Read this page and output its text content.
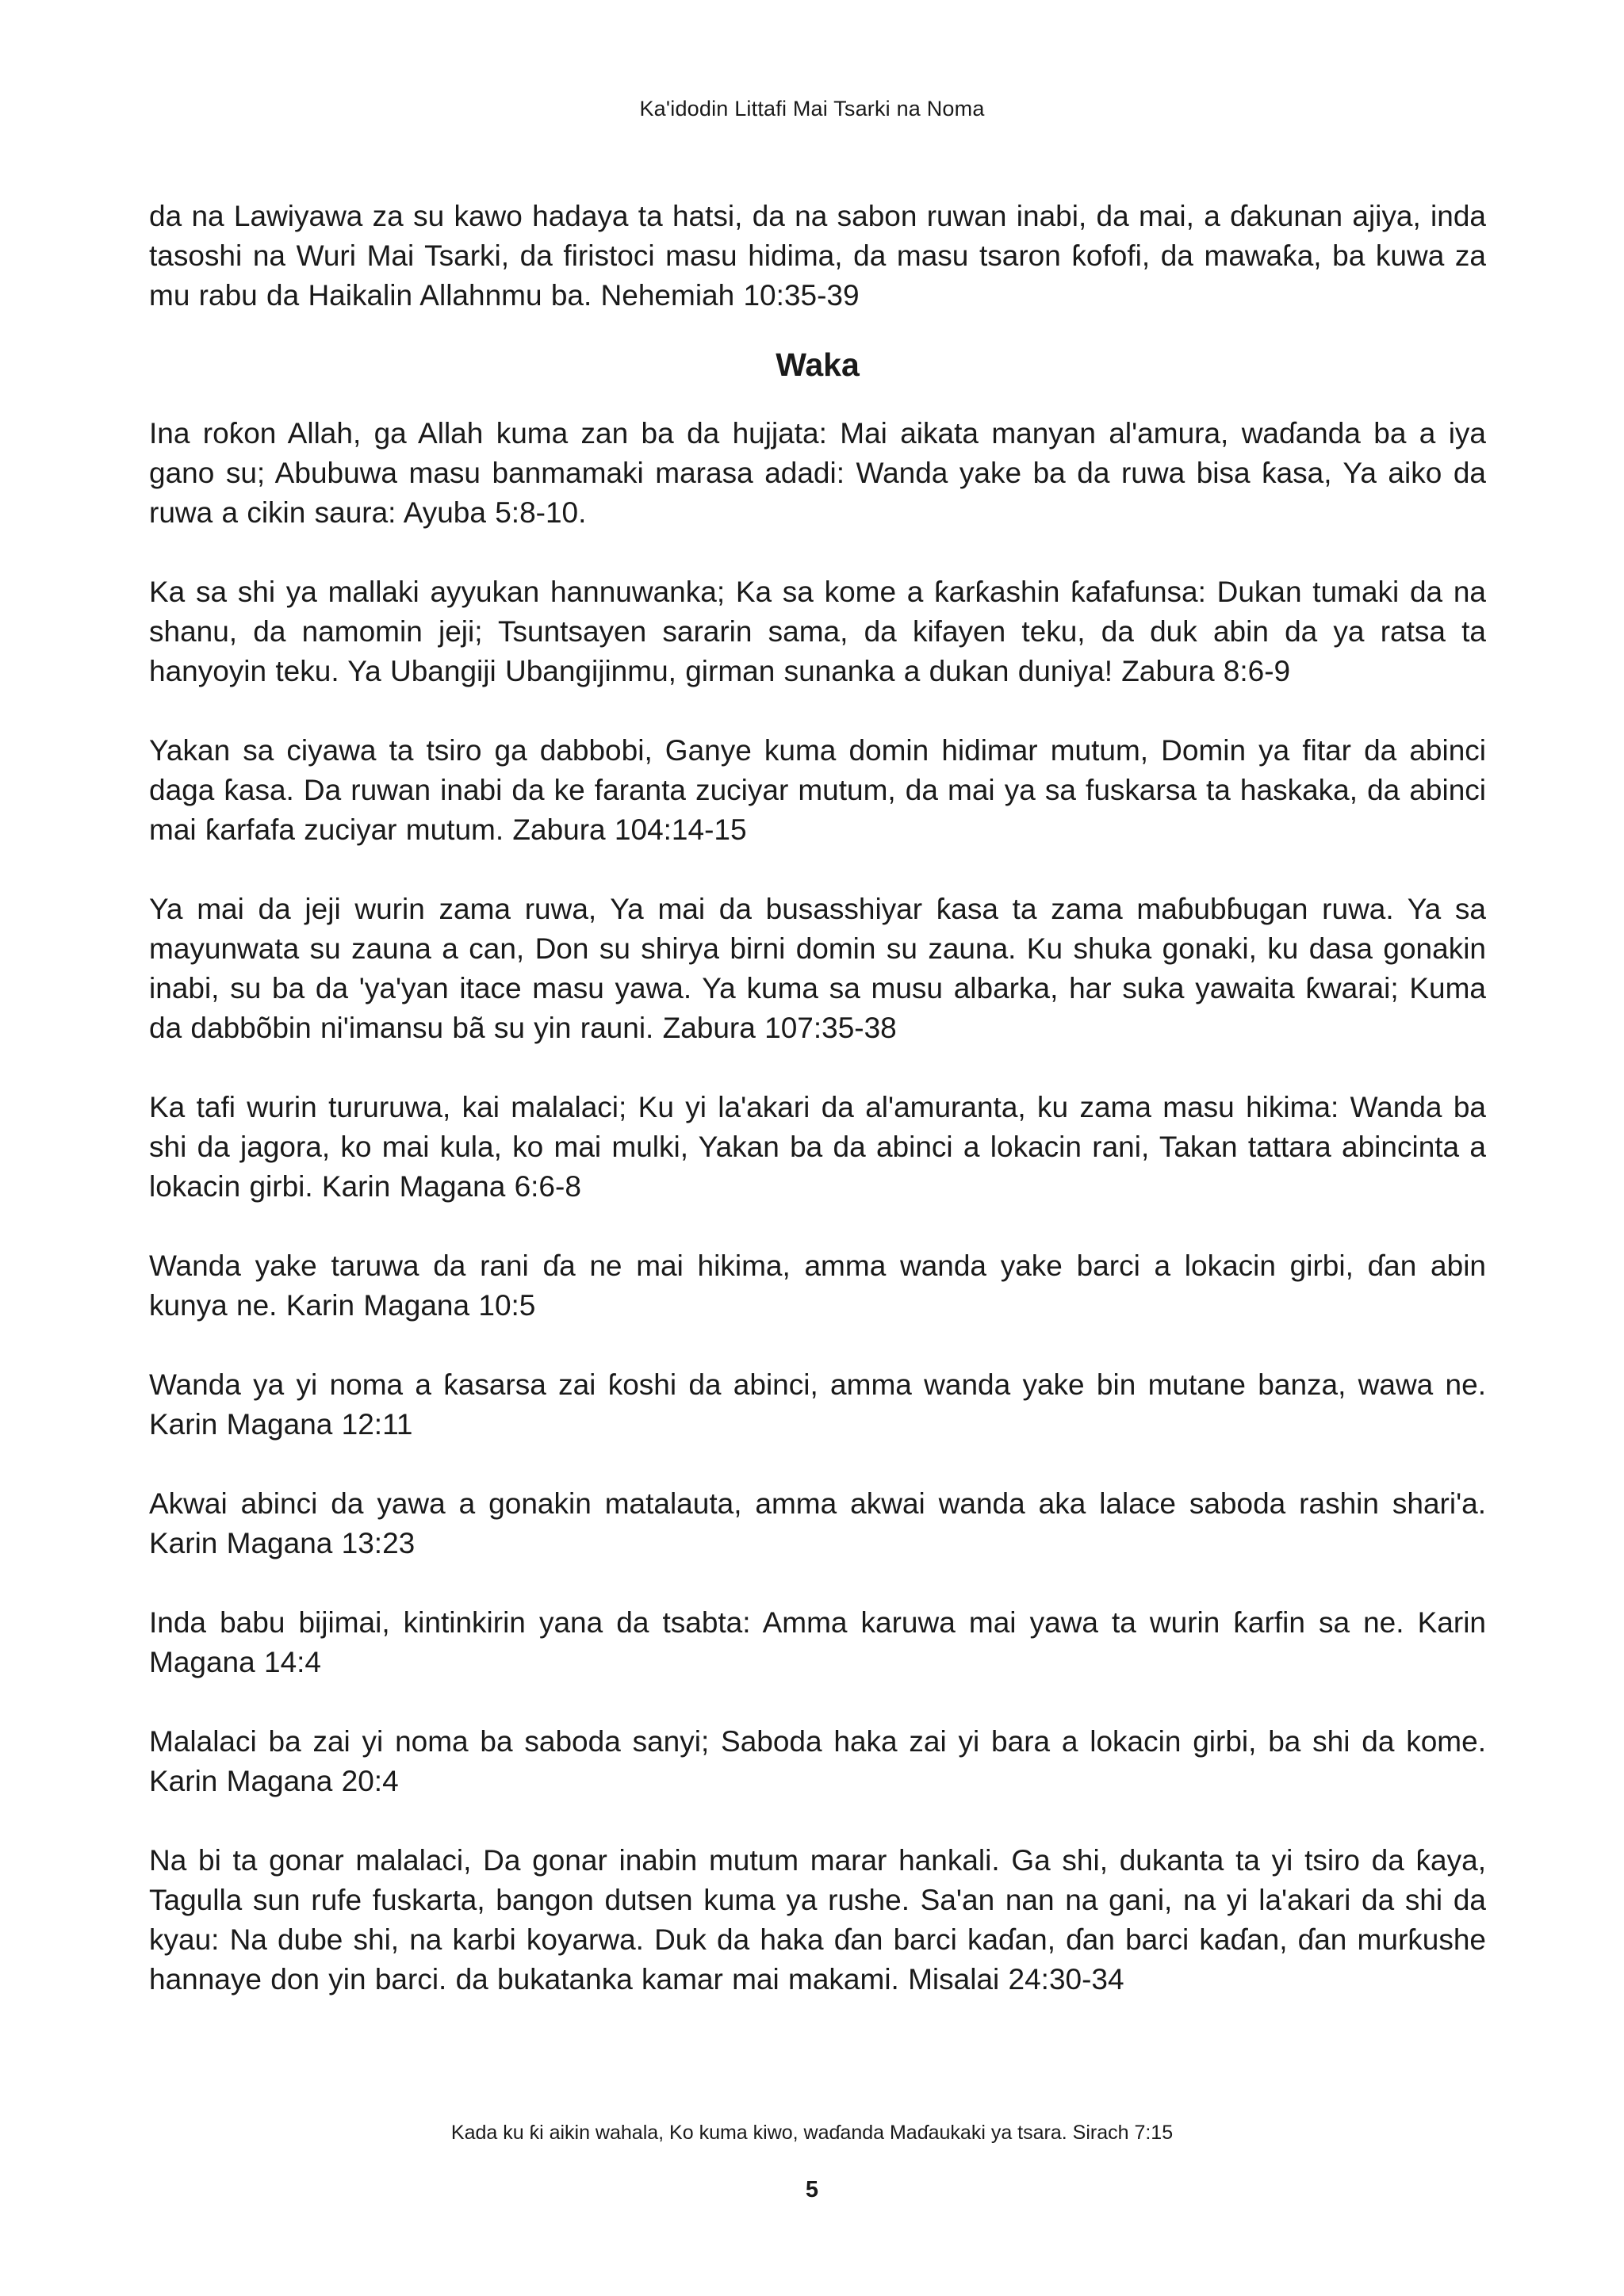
Ka'idodin Littafi Mai Tsarki na Noma

da na Lawiyawa za su kawo hadaya ta hatsi, da na sabon ruwan inabi, da mai, a ɗakunan ajiya, inda tasoshi na Wuri Mai Tsarki, da firistoci masu hidima, da masu tsaron ƙofofi, da mawaƙa, ba kuwa za mu rabu da Haikalin Allahnmu ba. Nehemiah 10:35-39

Waka

Ina roƙon Allah, ga Allah kuma zan ba da hujjata: Mai aikata manyan al'amura, waɗanda ba a iya gano su; Abubuwa masu banmamaki marasa adadi: Wanda yake ba da ruwa bisa ƙasa, Ya aiko da ruwa a cikin saura: Ayuba 5:8-10.

Ka sa shi ya mallaki ayyukan hannuwanka; Ka sa kome a ƙarƙashin ƙafafunsa: Dukan tumaki da na shanu, da namomin jeji; Tsuntsayen sararin sama, da kifayen teku, da duk abin da ya ratsa ta hanyoyin teku. Ya Ubangiji Ubangijinmu, girman sunanka a dukan duniya! Zabura 8:6-9

Yakan sa ciyawa ta tsiro ga dabbobi, Ganye kuma domin hidimar mutum, Domin ya fitar da abinci daga ƙasa. Da ruwan inabi da ke faranta zuciyar mutum, da mai ya sa fuskarsa ta haskaka, da abinci mai ƙarfafa zuciyar mutum. Zabura 104:14-15

Ya mai da jeji wurin zama ruwa, Ya mai da busasshiyar ƙasa ta zama maɓubɓugan ruwa. Ya sa mayunwata su zauna a can, Don su shirya birni domin su zauna. Ku shuka gonaki, ku dasa gonakin inabi, su ba da 'ya'yan itace masu yawa. Ya kuma sa musu albarka, har suka yawaita ƙwarai; Kuma da dabbõbin ni'imansu bã su yin rauni. Zabura 107:35-38

Ka tafi wurin tururuwa, kai malalaci; Ku yi la'akari da al'amuranta, ku zama masu hikima: Wanda ba shi da jagora, ko mai kula, ko mai mulki, Yakan ba da abinci a lokacin rani, Takan tattara abincinta a lokacin girbi. Karin Magana 6:6-8

Wanda yake taruwa da rani ɗa ne mai hikima, amma wanda yake barci a lokacin girbi, ɗan abin kunya ne. Karin Magana 10:5

Wanda ya yi noma a ƙasarsa zai ƙoshi da abinci, amma wanda yake bin mutane banza, wawa ne. Karin Magana 12:11

Akwai abinci da yawa a gonakin matalauta, amma akwai wanda aka lalace saboda rashin shari'a. Karin Magana 13:23

Inda babu bijimai, kintinkirin yana da tsabta: Amma karuwa mai yawa ta wurin ƙarfin sa ne. Karin Magana 14:4

Malalaci ba zai yi noma ba saboda sanyi; Saboda haka zai yi bara a lokacin girbi, ba shi da kome. Karin Magana 20:4

Na bi ta gonar malalaci, Da gonar inabin mutum marar hankali. Ga shi, dukanta ta yi tsiro da ƙaya, Tagulla sun rufe fuskarta, bangon dutsen kuma ya rushe. Sa'an nan na gani, na yi la'akari da shi da kyau: Na dube shi, na karbi koyarwa. Duk da haka ɗan barci kaɗan, ɗan barci kaɗan, ɗan murƙushe hannaye don yin barci. da bukatanka kamar mai makami. Misalai 24:30-34

Kada ku ƙi aikin wahala, Ko kuma kiwo, waɗanda Maɗaukaki ya tsara. Sirach 7:15
5
